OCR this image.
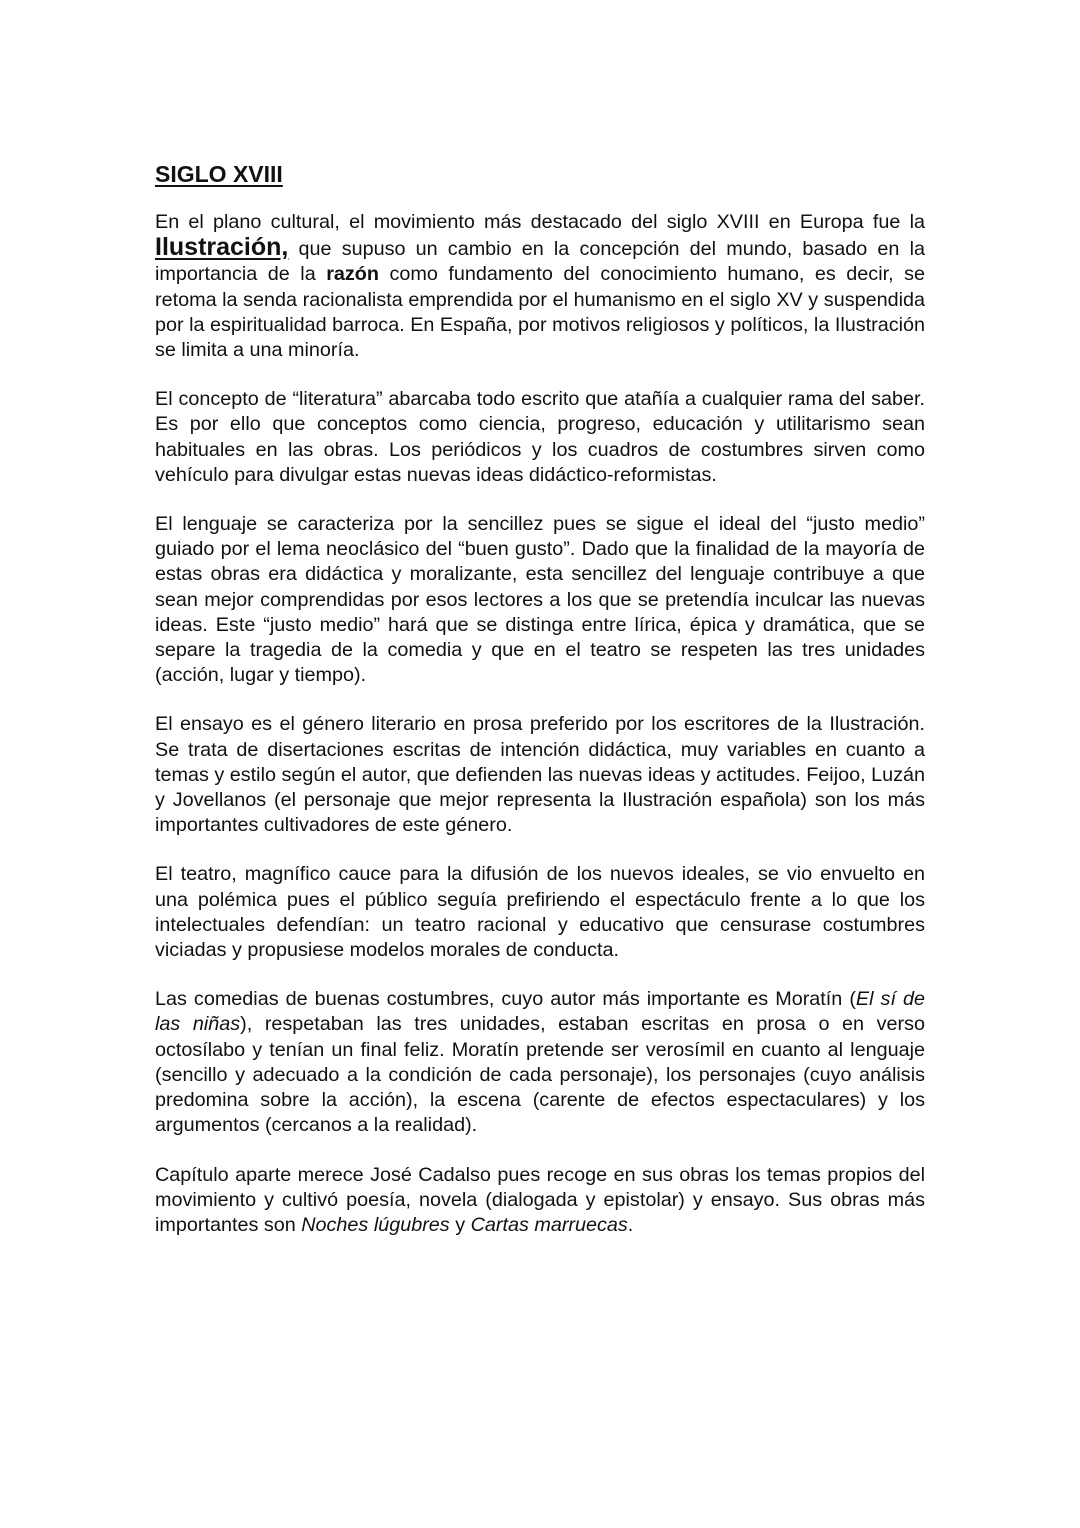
SIGLO XVIII

En el plano cultural, el movimiento más destacado del siglo XVIII en Europa fue la Ilustración, que supuso un cambio en la concepción del mundo, basado en la importancia de la razón como fundamento del conocimiento humano, es decir, se retoma la senda racionalista emprendida por el humanismo en el siglo XV y suspendida por la espiritualidad barroca. En España, por motivos religiosos y políticos, la Ilustración se limita a una minoría.

El concepto de “literatura” abarcaba todo escrito que atañía a cualquier rama del saber. Es por ello que conceptos como ciencia, progreso, educación y utilitarismo sean habituales en las obras. Los periódicos y los cuadros de costumbres sirven como vehículo para divulgar estas nuevas ideas didáctico-reformistas.

El lenguaje se caracteriza por la sencillez pues se sigue el ideal del “justo medio” guiado por el lema neoclásico del “buen gusto”. Dado que la finalidad de la mayoría de estas obras era didáctica y moralizante, esta sencillez del lenguaje contribuye a que sean mejor comprendidas por esos lectores a los que se pretendía inculcar las nuevas ideas. Este “justo medio” hará que se distinga entre lírica, épica y dramática, que se separe la tragedia de la comedia y que en el teatro se respeten las tres unidades (acción, lugar y tiempo).

El ensayo es el género literario en prosa preferido por los escritores de la Ilustración. Se trata de disertaciones escritas de intención didáctica, muy variables en cuanto a temas y estilo según el autor, que defienden las nuevas ideas y actitudes. Feijoo, Luzán y Jovellanos (el personaje que mejor representa la Ilustración española) son los más importantes cultivadores de este género.

El teatro, magnífico cauce para la difusión de los nuevos ideales, se vio envuelto en una polémica pues el público seguía prefiriendo el espectáculo frente a lo que los intelectuales defendían: un teatro racional y educativo que censurase costumbres viciadas y propusiese modelos morales de conducta.

Las comedias de buenas costumbres, cuyo autor más importante es Moratín (El sí de las niñas), respetaban las tres unidades, estaban escritas en prosa o en verso octosílabo y tenían un final feliz. Moratín pretende ser verosímil en cuanto al lenguaje (sencillo y adecuado a la condición de cada personaje), los personajes (cuyo análisis predomina sobre la acción), la escena (carente de efectos espectaculares) y los argumentos (cercanos a la realidad).

Capítulo aparte merece José Cadalso pues recoge en sus obras los temas propios del movimiento y cultivó poesía, novela (dialogada y epistolar) y ensayo. Sus obras más importantes son Noches lúgubres y Cartas marruecas.
